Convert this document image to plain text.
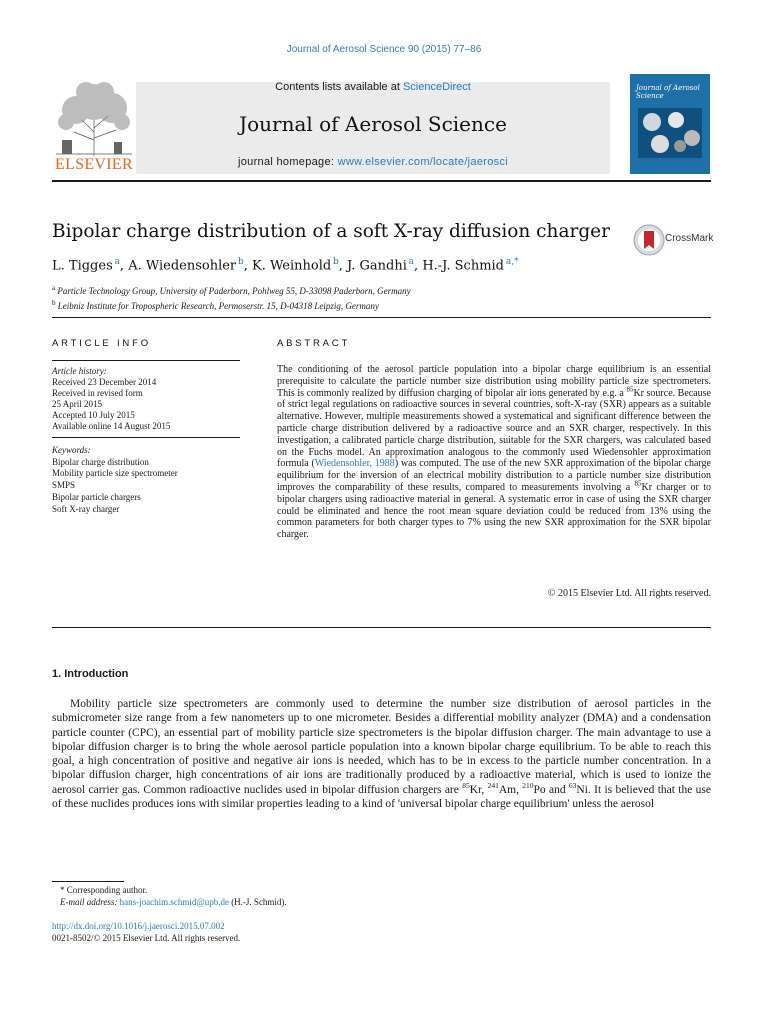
Journal of Aerosol Science 90 (2015) 77–86
ELSEVIER
Contents lists available at ScienceDirect
Journal of Aerosol Science
journal homepage: www.elsevier.com/locate/jaerosci
Journal of Aerosol Science
Bipolar charge distribution of a soft X-ray diffusion charger	CrossMark
L. Tigges  $^a$, A. Wiedensohler  $^b$, K. Weinhold  $^b$, J. Gandhi  $^a$, H.-J. Schmid  $^{a,*}$
$^a$ Particle Technology Group, University of Paderborn, Pohlweg 55, D-33098 Paderborn, Germany
$^b$ Leibniz Institute for Tropospheric Research, Permoserstr. 15, D-04318 Leipzig, Germany
ARTICLE INFO
Article history:
Received 23 December 2014
Received in revised form
25 April 2015
Accepted 10 July 2015
Available online 14 August 2015
Keywords:
Bipolar charge distribution
Mobility particle size spectrometer
SMPS
Bipolar particle chargers
Soft X-ray charger
ABSTRACT
The conditioning of the aerosol particle population into a bipolar charge equilibrium is an essential prerequisite to calculate the particle number size distribution using mobility particle size spectrometers. This is commonly realized by diffusion charging of bipolar air ions generated by e.g. a $^{85}$Kr source. Because of strict legal regulations on radioactive sources in several countries, soft-X-ray (SXR) appears as a suitable alternative. However, multiple measurements showed a systematical and significant difference between the particle charge distribution delivered by a radioactive source and an SXR charger, respectively. In this investigation, a calibrated particle charge distribution, suitable for the SXR chargers, was calculated based on the Fuchs model. An approximation analogous to the commonly used Wiedensohler approximation formula (Wiedensohler, 1988) was computed. The use of the new SXR approximation of the bipolar charge equilibrium for the inversion of an electrical mobility distribution to a particle number size distribution improves the comparability of these results, compared to measurements involving a $^{85}$Kr charger or to bipolar chargers using radioactive material in general. A systematic error in case of using the SXR charger could be eliminated and hence the root mean square deviation could be reduced from 13% using the common parameters for both charger types to 7% using the new SXR approximation for the SXR bipolar charger.
© 2015 Elsevier Ltd. All rights reserved.
1. Introduction
Mobility particle size spectrometers are commonly used to determine the number size distribution of aerosol particles in the submicrometer size range from a few nanometers up to one micrometer. Besides a differential mobility analyzer (DMA) and a condensation particle counter (CPC), an essential part of mobility particle size spectrometers is the bipolar diffusion charger. The main advantage to use a bipolar diffusion charger is to bring the whole aerosol particle population into a known bipolar charge equilibrium. To be able to reach this goal, a high concentration of positive and negative air ions is needed, which has to be in excess to the particle number concentration. In a bipolar diffusion charger, high concentrations of air ions are traditionally produced by a radioactive material, which is used to ionize the aerosol carrier gas. Common radioactive nuclides used in bipolar diffusion chargers are $^{85}$Kr, $^{241}$Am, $^{210}$Po and $^{63}$Ni. It is believed that the use of these nuclides produces ions with similar properties leading to a kind of 'universal bipolar charge equilibrium' unless the aerosol
* Corresponding author.
E-mail address: hans-joachim.schmid@upb.de (H.-J. Schmid).
http://dx.doi.org/10.1016/j.jaerosci.2015.07.002
0021-8502/© 2015 Elsevier Ltd. All rights reserved.
